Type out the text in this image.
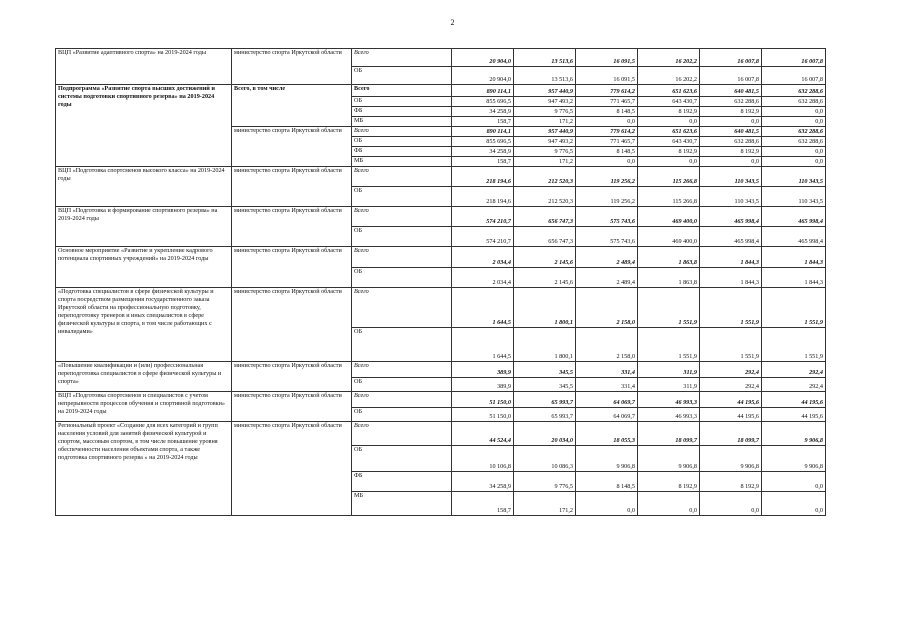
2
ВЦП «Развитие адаптивного спорта» на 2019-2024 годы	министерство спорта Иркутской области	Всего	20 904,0	13 513,6	16 091,5	16 202,2	16 007,8	16 007,8
		ОБ	20 904,0	13 513,6	16 091,5	16 202,2	16 007,8	16 007,8
Подпрограмма «Развитие спорта высших достижений и системы подготовки спортивного резерва» на 2019-2024 годы	Всего, в том числе	Всего	890 114,1	957 440,9	779 614,2	651 623,6	640 481,5	632 288,6
		ОБ	855 696,5	947 493,2	771 465,7	643 430,7	632 288,6	632 288,6
		ФБ	34 258,9	9 776,5	8 148,5	8 192,9	8 192,9	0,0
		МБ	158,7	171,2	0,0	0,0	0,0	0,0
	министерство спорта Иркутской области	Всего	890 114,1	957 440,9	779 614,2	651 623,6	640 481,5	632 288,6
		ОБ	855 696,5	947 493,2	771 465,7	643 430,7	632 288,6	632 288,6
		ФБ	34 258,9	9 776,5	8 148,5	8 192,9	8 192,9	0,0
		МБ	158,7	171,2	0,0	0,0	0,0	0,0
ВЦП «Подготовка спортсменов высокого класса» на 2019-2024 годы	министерство спорта Иркутской области	Всего	218 194,6	212 520,3	119 256,2	115 266,8	110 343,5	110 343,5
		ОБ	218 194,6	212 520,3	119 256,2	115 266,8	110 343,5	110 343,5
ВЦП «Подготовка и формирование спортивного резерва» на 2019-2024 годы	министерство спорта Иркутской области	Всего	574 210,7	656 747,3	575 743,6	469 400,0	465 998,4	465 998,4
		ОБ	574 210,7	656 747,3	575 743,6	469 400,0	465 998,4	465 998,4
Основное мероприятие «Развитие и укрепление кадрового потенциала спортивных учреждений» на 2019-2024 годы	министерство спорта Иркутской области	Всего	2 034,4	2 145,6	2 489,4	1 863,8	1 844,3	1 844,3
		ОБ	2 034,4	2 145,6	2 489,4	1 863,8	1 844,3	1 844,3
«Подготовка специалистов в сфере физической культуры и спорта посредством размещения государственного заказа Иркутской области на профессиональную подготовку, переподготовку тренеров и иных специалистов в сфере физической культуры и спорта, в том числе работающих с инвалидами»	министерство спорта Иркутской области	Всего	1 644,5	1 800,1	2 158,0	1 551,9	1 551,9	1 551,9
		ОБ	1 644,5	1 800,1	2 158,0	1 551,9	1 551,9	1 551,9
«Повышение квалификации и (или) профессиональная переподготовка специалистов в сфере физической культуры и спорта»	министерство спорта Иркутской области	Всего	389,9	345,5	331,4	311,9	292,4	292,4
		ОБ	389,9	345,5	331,4	311,9	292,4	292,4
ВЦП «Подготовка спортсменов и специалистов с учетом непрерывности процессов обучения и спортивной подготовки» на 2019-2024 годы	министерство спорта Иркутской области	Всего	51 150,0	65 993,7	64 069,7	46 993,3	44 195,6	44 195,6
		ОБ	51 150,0	65 993,7	64 069,7	46 993,3	44 195,6	44 195,6
Региональный проект «Создание для всех категорий и групп населения условий для занятий физической культурой и спортом, массовым спортом, в том числе повышение уровня обеспеченности населения объектами спорта, а также подготовка спортивного резерва » на 2019-2024 годы	министерство спорта Иркутской области	Всего	44 524,4	20 034,0	18 055,3	18 099,7	18 099,7	9 906,8
		ОБ	10 106,8	10 086,3	9 906,8	9 906,8	9 906,8	9 906,8
		ФБ	34 258,9	9 776,5	8 148,5	8 192,9	8 192,9	0,0
		МБ	158,7	171,2	0,0	0,0	0,0	0,0
